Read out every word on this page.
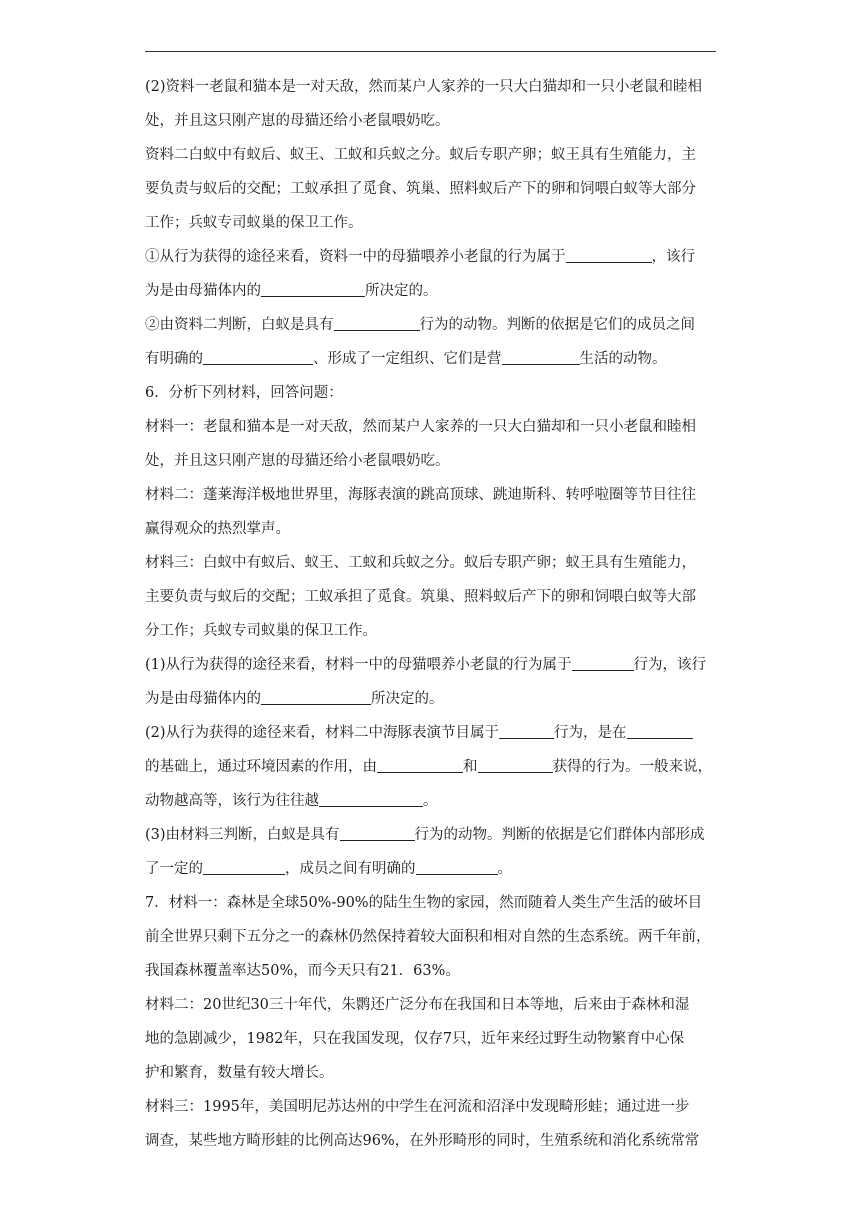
(2)资料一老鼠和猫本是一对天敌，然而某户人家养的一只大白猫却和一只小老鼠和睦相
处，并且这只刚产崽的母猫还给小老鼠喂奶吃。
资料二白蚁中有蚁后、蚁王、工蚁和兵蚁之分。蚁后专职产卵；蚁王具有生殖能力，主
要负责与蚁后的交配；工蚁承担了觅食、筑巢、照料蚁后产下的卵和饲喂白蚁等大部分
工作；兵蚁专司蚁巢的保卫工作。
①从行为获得的途径来看，资料一中的母猫喂养小老鼠的行为属于	，该行
为是由母猫体内的	所决定的。
②由资料二判断，白蚁是具有	行为的动物。判断的依据是它们的成员之间
有明确的	、形成了一定组织、它们是营	生活的动物。
6．分析下列材料，回答问题：
材料一：老鼠和猫本是一对天敌，然而某户人家养的一只大白猫却和一只小老鼠和睦相
处，并且这只刚产崽的母猫还给小老鼠喂奶吃。
材料二：蓬莱海洋极地世界里，海豚表演的跳高顶球、跳迪斯科、转呼啦圈等节目往往
赢得观众的热烈掌声。
材料三：白蚁中有蚁后、蚁王、工蚁和兵蚁之分。蚁后专职产卵；蚁王具有生殖能力，
主要负责与蚁后的交配；工蚁承担了觅食。筑巢、照料蚁后产下的卵和饲喂白蚁等大部
分工作；兵蚁专司蚁巢的保卫工作。
(1)从行为获得的途径来看，材料一中的母猫喂养小老鼠的行为属于	行为，该行
为是由母猫体内的	所决定的。
(2)从行为获得的途径来看，材料二中海豚表演节目属于	行为，是在
的基础上，通过环境因素的作用，由	和	获得的行为。一般来说，
动物越高等，该行为往往越	。
(3)由材料三判断，白蚁是具有	行为的动物。判断的依据是它们群体内部形成
了一定的	，成员之间有明确的	。
7．材料一：森林是全球50%-90%的陆生生物的家园，然而随着人类生产生活的破坏目
前全世界只剩下五分之一的森林仍然保持着较大面积和相对自然的生态系统。两千年前，
我国森林覆盖率达50%，而今天只有21．63%。
材料二：20世纪30三十年代，朱鹮还广泛分布在我国和日本等地，后来由于森林和湿
地的急剧减少，1982年，只在我国发现，仅存7只，近年来经过野生动物繁育中心保
护和繁育，数量有较大增长。
材料三：1995年，美国明尼苏达州的中学生在河流和沼泽中发现畸形蛙；通过进一步
调查，某些地方畸形蛙的比例高达96%，在外形畸形的同时，生殖系统和消化系统常常
